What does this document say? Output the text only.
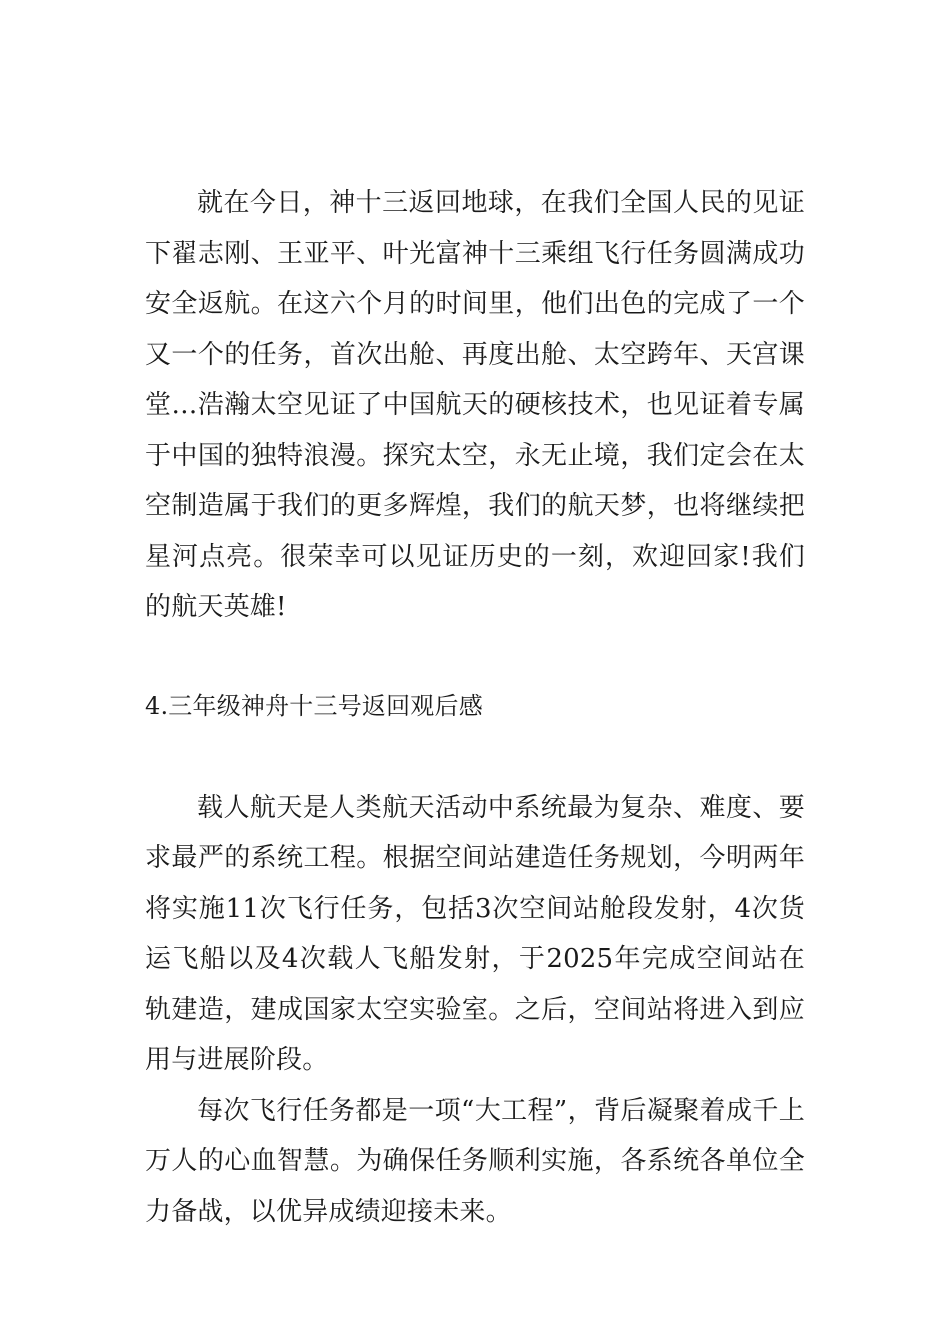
就在今日，神十三返回地球，在我们全国人民的见证下翟志刚、王亚平、叶光富神十三乘组飞行任务圆满成功安全返航。在这六个月的时间里，他们出色的完成了一个又一个的任务，首次出舱、再度出舱、太空跨年、天宫课堂…浩瀚太空见证了中国航天的硬核技术，也见证着专属于中国的独特浪漫。探究太空，永无止境，我们定会在太空制造属于我们的更多辉煌，我们的航天梦，也将继续把星河点亮。很荣幸可以见证历史的一刻，欢迎回家!我们的航天英雄!

4.三年级神舟十三号返回观后感

载人航天是人类航天活动中系统最为复杂、难度、要求最严的系统工程。根据空间站建造任务规划，今明两年将实施11次飞行任务，包括3次空间站舱段发射，4次货运飞船以及4次载人飞船发射，于2025年完成空间站在轨建造，建成国家太空实验室。之后，空间站将进入到应用与进展阶段。

每次飞行任务都是一项“大工程”，背后凝聚着成千上万人的心血智慧。为确保任务顺利实施，各系统各单位全力备战，以优异成绩迎接未来。
